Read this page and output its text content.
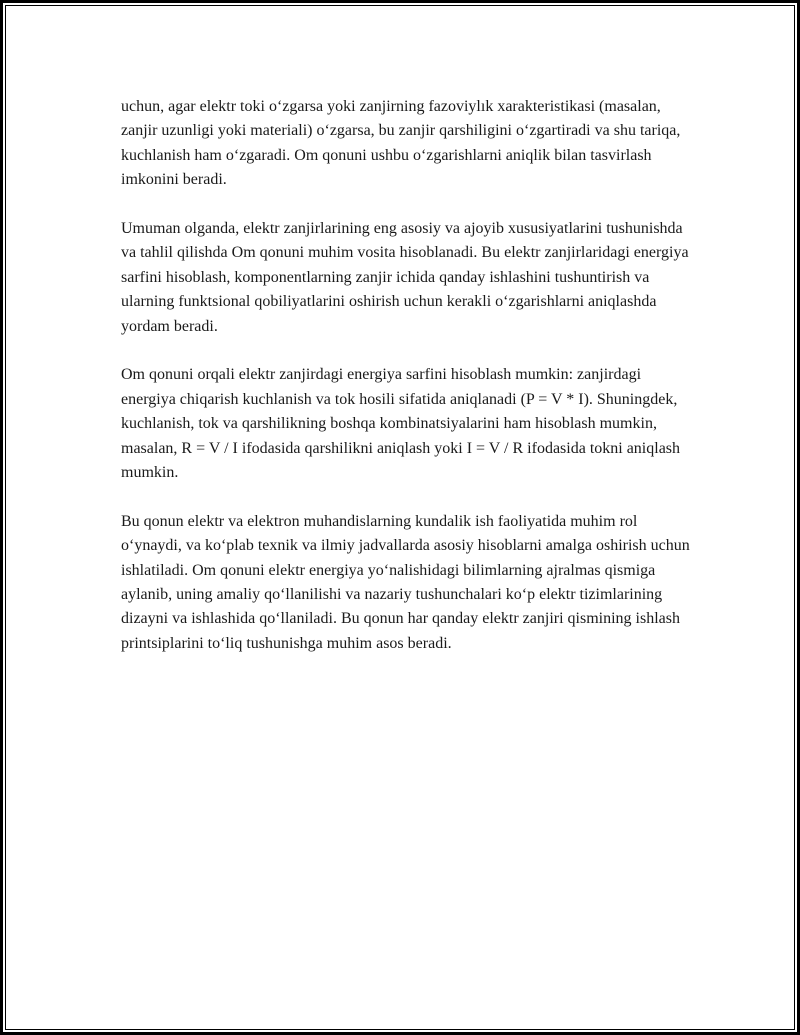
uchun, agar elektr toki o‘zgarsa yoki zanjirning fazoviylık xarakteristikasi (masalan, zanjir uzunligi yoki materiali) o‘zgarsa, bu zanjir qarshiligini o‘zgartiradi va shu tariqa, kuchlanish ham o‘zgaradi. Om qonuni ushbu o‘zgarishlarni aniqlik bilan tasvirlash imkonini beradi.

Umuman olganda, elektr zanjirlarining eng asosiy va ajoyib xususiyatlarini tushunishda va tahlil qilishda Om qonuni muhim vosita hisoblanadi. Bu elektr zanjirlaridagi energiya sarfini hisoblash, komponentlarning zanjir ichida qanday ishlashini tushuntirish va ularning funktsional qobiliyatlarini oshirish uchun kerakli o‘zgarishlarni aniqlashda yordam beradi.

Om qonuni orqali elektr zanjirdagi energiya sarfini hisoblash mumkin: zanjirdagi energiya chiqarish kuchlanish va tok hosili sifatida aniqlanadi (P = V * I). Shuningdek, kuchlanish, tok va qarshilikning boshqa kombinatsiyalarini ham hisoblash mumkin, masalan, R = V / I ifodasida qarshilikni aniqlash yoki I = V / R ifodasida tokni aniqlash mumkin.

Bu qonun elektr va elektron muhandislarning kundalik ish faoliyatida muhim rol o‘ynaydi, va ko‘plab texnik va ilmiy jadvallarda asosiy hisoblarni amalga oshirish uchun ishlatiladi. Om qonuni elektr energiya yo‘nalishidagi bilimlarning ajralmas qismiga aylanib, uning amaliy qo‘llanilishi va nazariy tushunchalari ko‘p elektr tizimlarining dizayni va ishlashida qo‘llaniladi. Bu qonun har qanday elektr zanjiri qismining ishlash printsiplarini to‘liq tushunishga muhim asos beradi.
